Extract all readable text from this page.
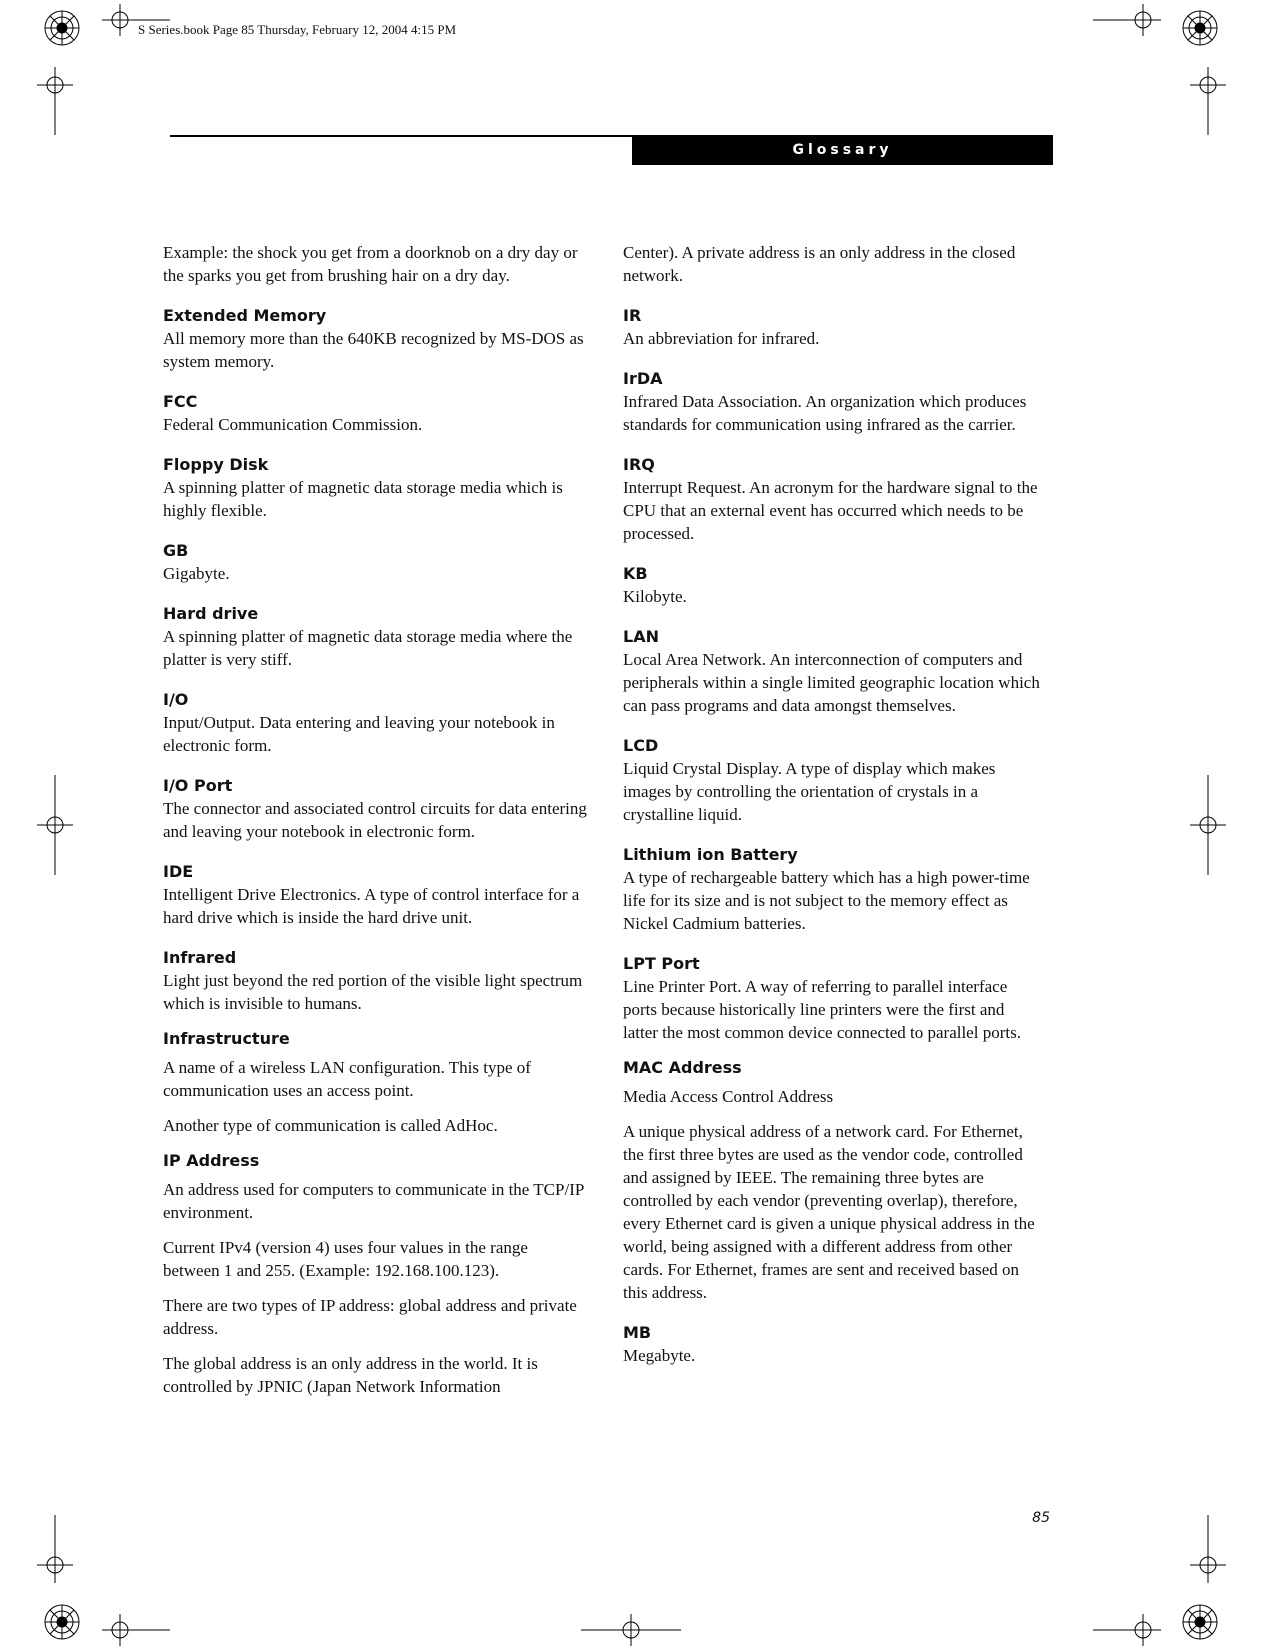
S Series.book Page 85 Thursday, February 12, 2004 4:15 PM
Glossary

Example: the shock you get from a doorknob on a dry day or the sparks you get from brushing hair on a dry day.

Extended Memory

All memory more than the 640KB recognized by MS-DOS as system memory.

FCC

Federal Communication Commission.

Floppy Disk

A spinning platter of magnetic data storage media which is highly flexible.

GB

Gigabyte.

Hard drive

A spinning platter of magnetic data storage media where the platter is very stiff.

I/O

Input/Output. Data entering and leaving your notebook in electronic form.

I/O Port

The connector and associated control circuits for data entering and leaving your notebook in electronic form.

IDE

Intelligent Drive Electronics. A type of control interface for a hard drive which is inside the hard drive unit.

Infrared

Light just beyond the red portion of the visible light spectrum which is invisible to humans.

Infrastructure

A name of a wireless LAN configuration. This type of communication uses an access point.

Another type of communication is called AdHoc.

IP Address

An address used for computers to communicate in the TCP/IP environment.

Current IPv4 (version 4) uses four values in the range between 1 and 255. (Example: 192.168.100.123).

There are two types of IP address: global address and private address.

The global address is an only address in the world. It is controlled by JPNIC (Japan Network Information

Center). A private address is an only address in the closed network.

IR

An abbreviation for infrared.

IrDA

Infrared Data Association. An organization which produces standards for communication using infrared as the carrier.

IRQ

Interrupt Request. An acronym for the hardware signal to the CPU that an external event has occurred which needs to be processed.

KB

Kilobyte.

LAN

Local Area Network. An interconnection of computers and peripherals within a single limited geographic location which can pass programs and data amongst themselves.

LCD

Liquid Crystal Display. A type of display which makes images by controlling the orientation of crystals in a crystalline liquid.

Lithium ion Battery

A type of rechargeable battery which has a high power-time life for its size and is not subject to the memory effect as Nickel Cadmium batteries.

LPT Port

Line Printer Port. A way of referring to parallel interface ports because historically line printers were the first and latter the most common device connected to parallel ports.

MAC Address

Media Access Control Address

A unique physical address of a network card. For Ethernet, the first three bytes are used as the vendor code, controlled and assigned by IEEE. The remaining three bytes are controlled by each vendor (preventing overlap), therefore, every Ethernet card is given a unique physical address in the world, being assigned with a different address from other cards. For Ethernet, frames are sent and received based on this address.

MB

Megabyte.

85
